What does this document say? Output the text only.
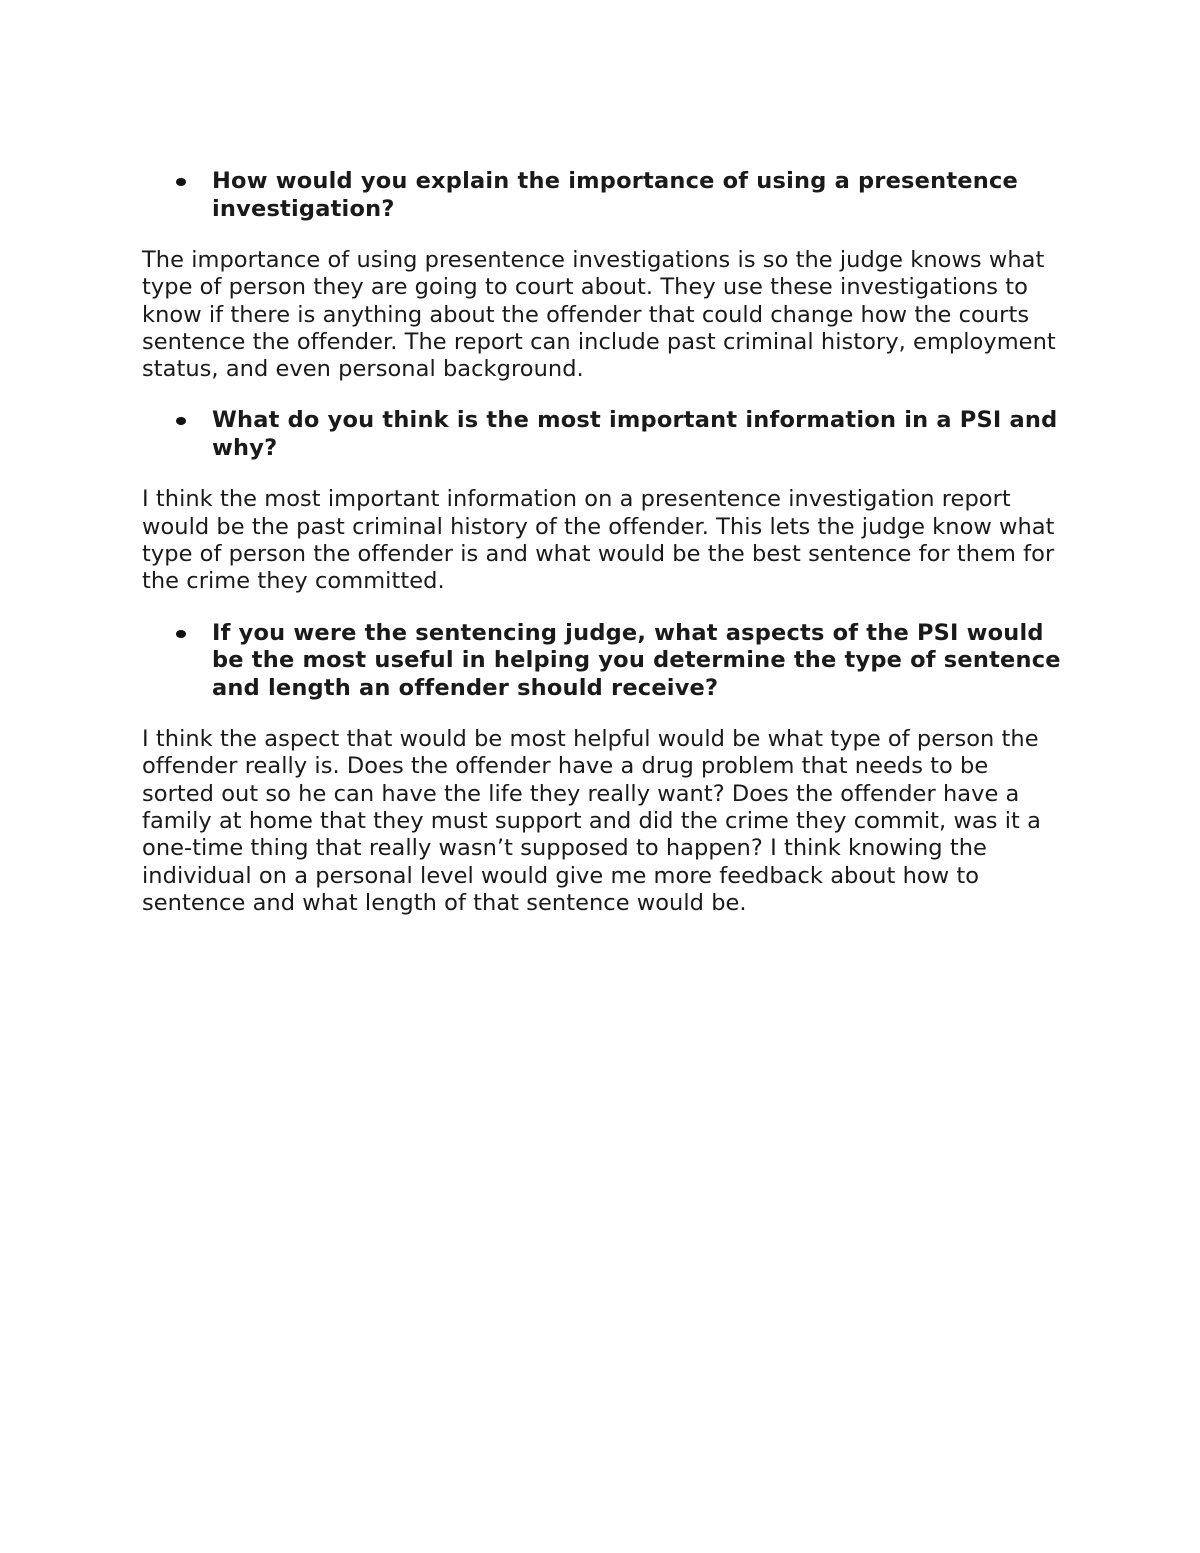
How would you explain the importance of using a presentence investigation?

The importance of using presentence investigations is so the judge knows what type of person they are going to court about. They use these investigations to know if there is anything about the offender that could change how the courts sentence the offender. The report can include past criminal history, employment status, and even personal background.

What do you think is the most important information in a PSI and why?

I think the most important information on a presentence investigation report would be the past criminal history of the offender. This lets the judge know what type of person the offender is and what would be the best sentence for them for the crime they committed.

If you were the sentencing judge, what aspects of the PSI would be the most useful in helping you determine the type of sentence and length an offender should receive?

I think the aspect that would be most helpful would be what type of person the offender really is. Does the offender have a drug problem that needs to be sorted out so he can have the life they really want? Does the offender have a family at home that they must support and did the crime they commit, was it a one-time thing that really wasn’t supposed to happen? I think knowing the individual on a personal level would give me more feedback about how to sentence and what length of that sentence would be.
